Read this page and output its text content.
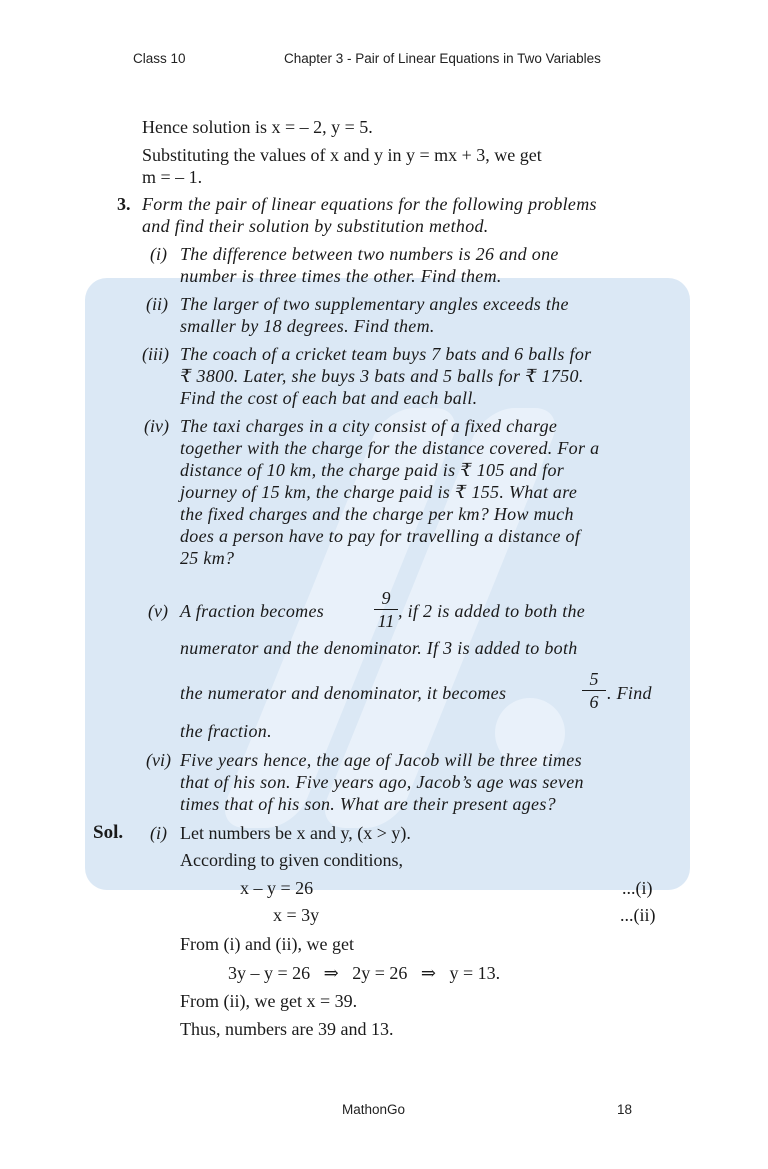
Class 10	Chapter 3 - Pair of Linear Equations in Two Variables
Hence solution is x = – 2, y = 5.
Substituting the values of x and y in y = mx + 3, we get
m = – 1.
3. Form the pair of linear equations for the following problems
and find their solution by substitution method.
(i) The difference between two numbers is 26 and one
number is three times the other. Find them.
(ii) The larger of two supplementary angles exceeds the
smaller by 18 degrees. Find them.
(iii) The coach of a cricket team buys 7 bats and 6 balls for
₹ 3800. Later, she buys 3 bats and 5 balls for ₹ 1750.
Find the cost of each bat and each ball.
(iv) The taxi charges in a city consist of a fixed charge
together with the charge for the distance covered. For a
distance of 10 km, the charge paid is ₹ 105 and for
journey of 15 km, the charge paid is ₹ 155. What are
the fixed charges and the charge per km? How much
does a person have to pay for travelling a distance of
25 km?
(v) A fraction becomes
9
11 , if 2 is added to both the
numerator and the denominator. If 3 is added to both
the numerator and denominator, it becomes
5
6 . Find
the fraction.
(vi) Five years hence, the age of Jacob will be three times
that of his son. Five years ago, Jacob’s age was seven
times that of his son. What are their present ages?
Sol. (i) Let numbers be x and y, (x > y).
According to given conditions,
x – y = 26	...(i)
x = 3y	...(ii)
From (i) and (ii), we get
3y – y = 26   ⇒   2y = 26   ⇒   y = 13.
From (ii), we get x = 39.
Thus, numbers are 39 and 13.
MathonGo	18
